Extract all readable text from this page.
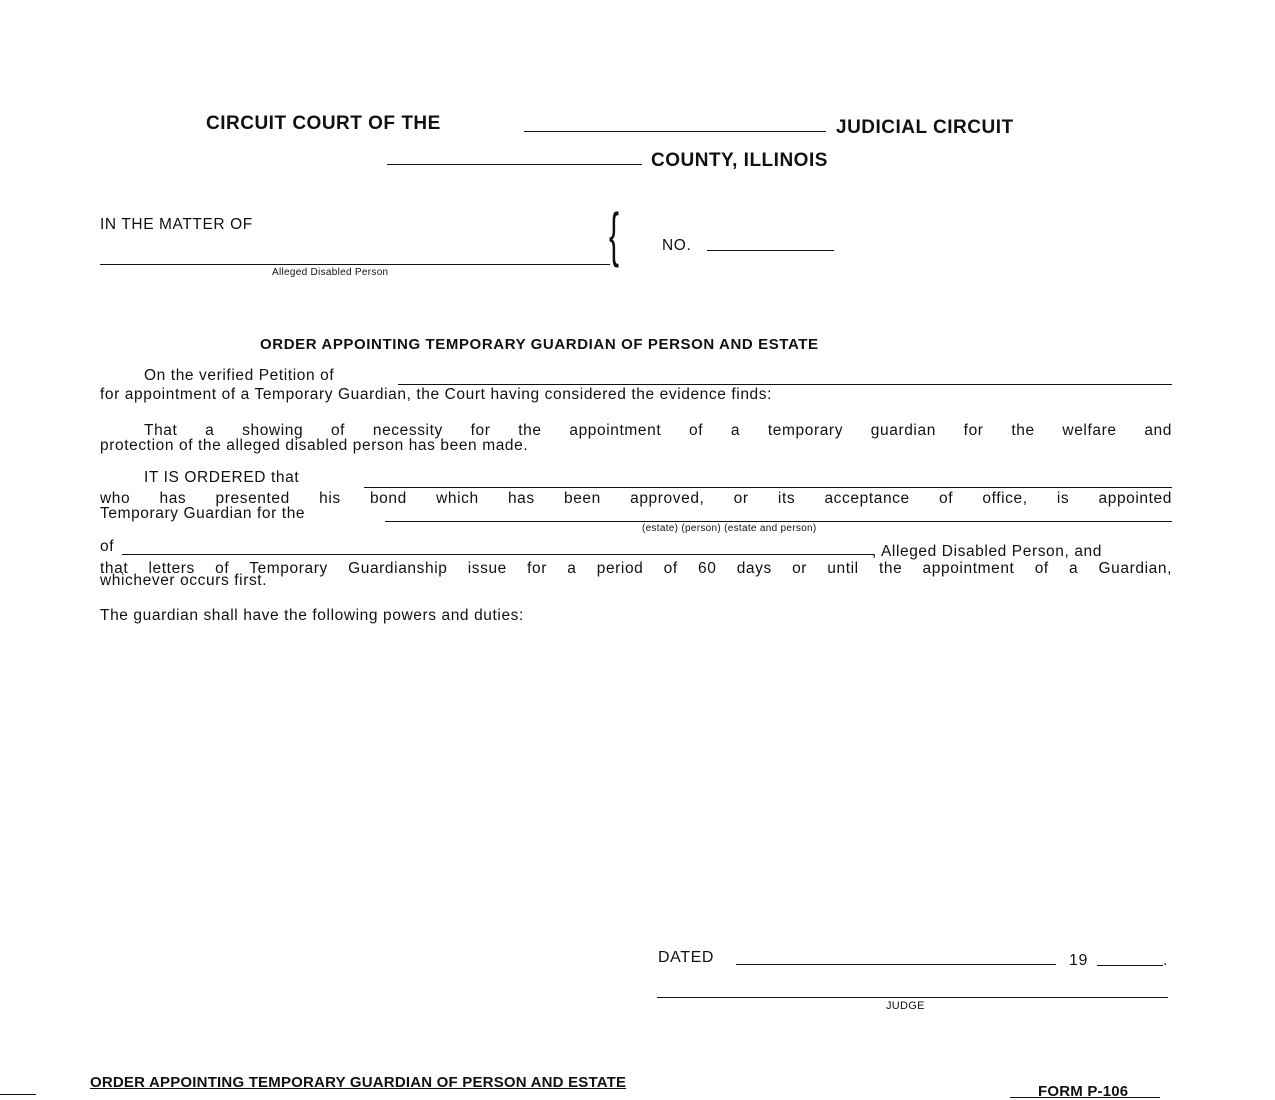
CIRCUIT COURT OF THE	JUDICIAL CIRCUIT
COUNTY, ILLINOIS
IN THE MATTER OF
Alleged Disabled Person
{	NO.
ORDER APPOINTING TEMPORARY GUARDIAN OF PERSON AND ESTATE
On the verified Petition of
for appointment of a Temporary Guardian, the Court having considered the evidence finds:
That a showing of necessity for the appointment of a temporary guardian for the welfare and
protection of the alleged disabled person has been made.
IT IS ORDERED that
who has presented his bond which has been approved, or its acceptance of office, is appointed
Temporary Guardian for the
(estate) (person) (estate and person)
of	, Alleged Disabled Person, and
that letters of Temporary Guardianship issue for a period of 60 days or until the appointment of a Guardian,
whichever occurs first.
The guardian shall have the following powers and duties:
DATED	19	.
JUDGE
ORDER APPOINTING TEMPORARY GUARDIAN OF PERSON AND ESTATE
FORM P-106
